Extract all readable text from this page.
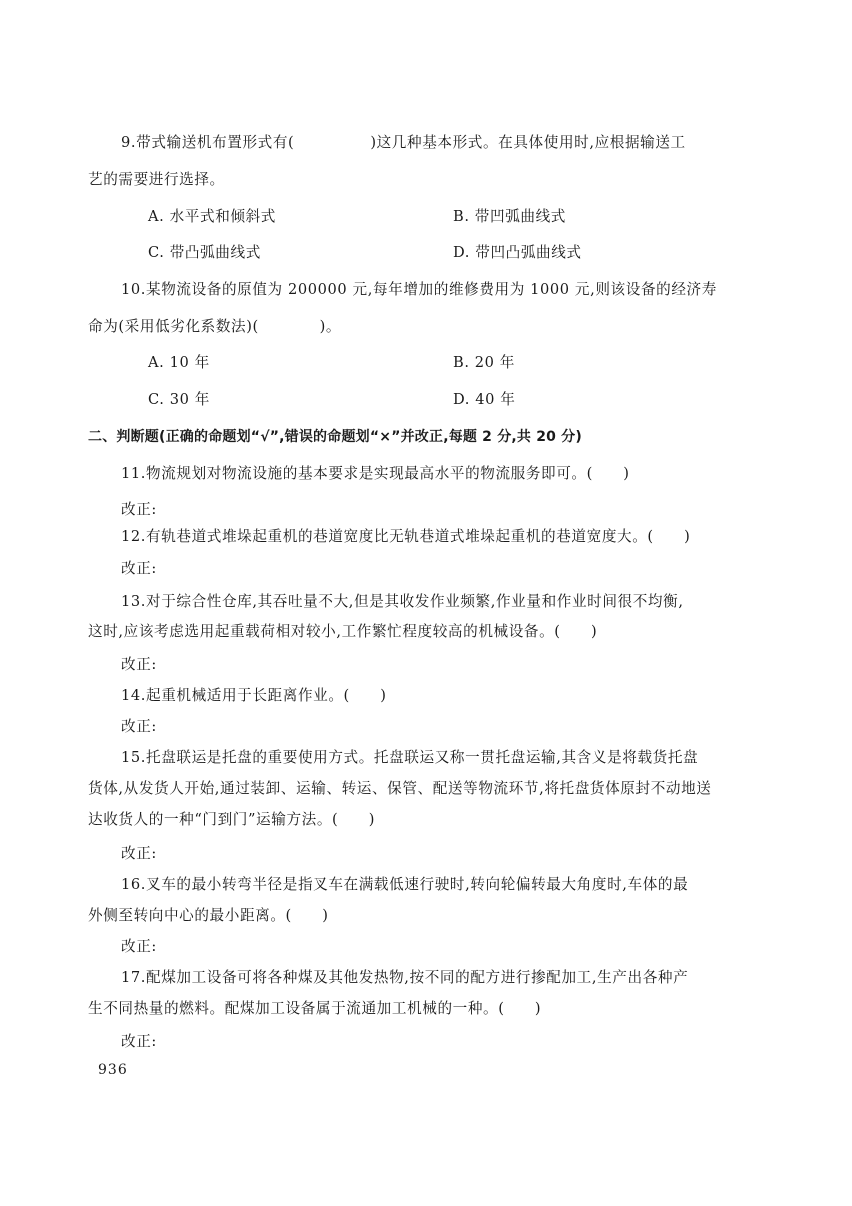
9.带式输送机布置形式有(　　　　　)这几种基本形式。在具体使用时,应根据输送工
艺的需要进行选择。
A. 水平式和倾斜式	B. 带凹弧曲线式
C. 带凸弧曲线式	D. 带凹凸弧曲线式
10.某物流设备的原值为 200000 元,每年增加的维修费用为 1000 元,则该设备的经济寿
命为(采用低劣化系数法)(　　　　)。
A. 10 年	B. 20 年
C. 30 年	D. 40 年
二、判断题(正确的命题划“√”,错误的命题划“×”并改正,每题 2 分,共 20 分)
11.物流规划对物流设施的基本要求是实现最高水平的物流服务即可。(　　)
改正:
12.有轨巷道式堆垛起重机的巷道宽度比无轨巷道式堆垛起重机的巷道宽度大。(　　)
改正:
13.对于综合性仓库,其吞吐量不大,但是其收发作业频繁,作业量和作业时间很不均衡,
这时,应该考虑选用起重载荷相对较小,工作繁忙程度较高的机械设备。(　　)
改正:
14.起重机械适用于长距离作业。(　　)
改正:
15.托盘联运是托盘的重要使用方式。托盘联运又称一贯托盘运输,其含义是将载货托盘
货体,从发货人开始,通过装卸、运输、转运、保管、配送等物流环节,将托盘货体原封不动地送
达收货人的一种“门到门”运输方法。(　　)
改正:
16.叉车的最小转弯半径是指叉车在满载低速行驶时,转向轮偏转最大角度时,车体的最
外侧至转向中心的最小距离。(　　)
改正:
17.配煤加工设备可将各种煤及其他发热物,按不同的配方进行掺配加工,生产出各种产
生不同热量的燃料。配煤加工设备属于流通加工机械的一种。(　　)
改正:
936
